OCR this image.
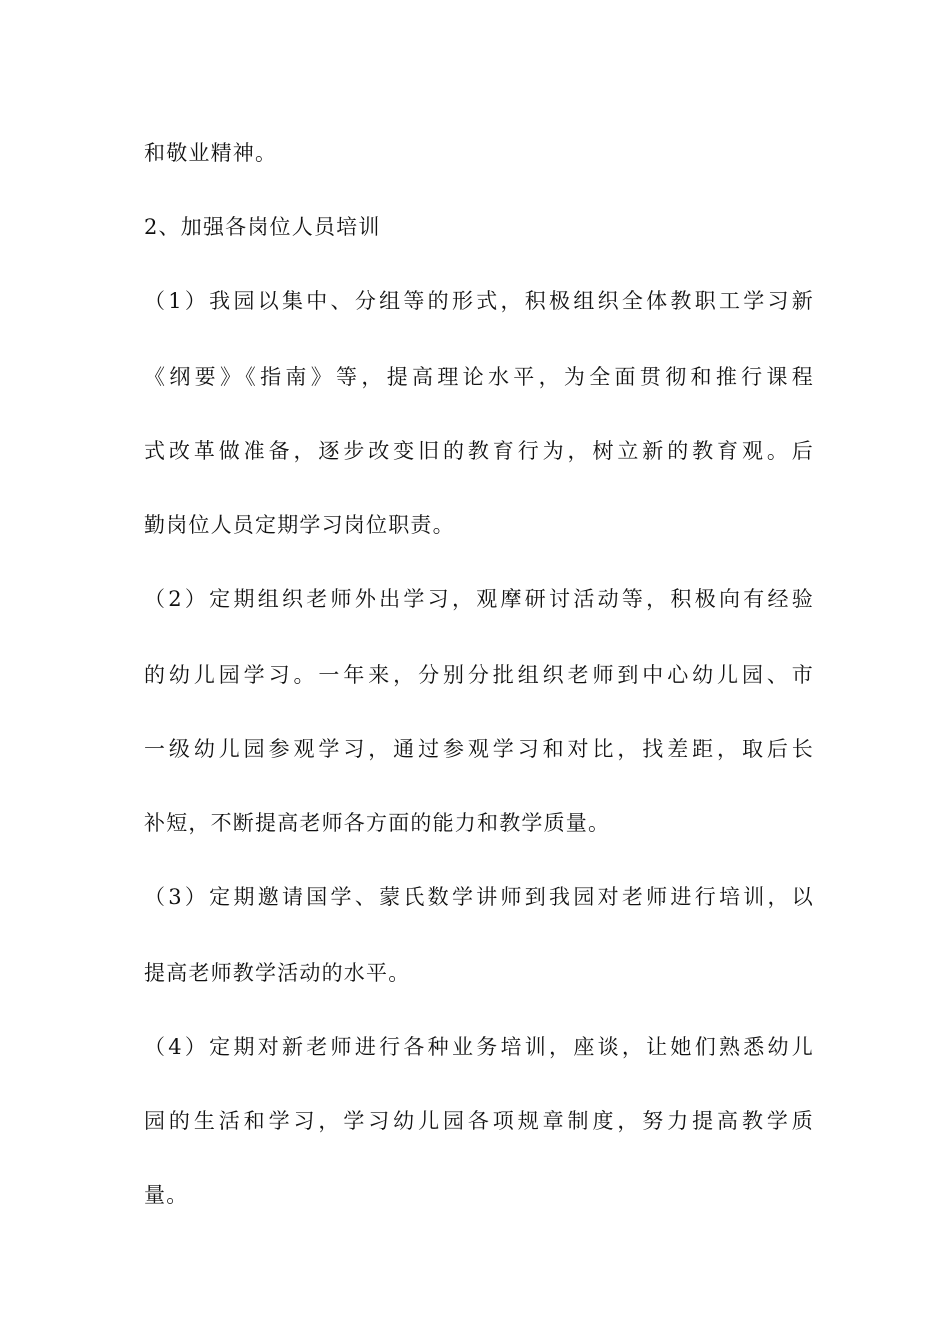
和敬业精神。
2、加强各岗位人员培训
（1）我园以集中、分组等的形式，积极组织全体教职工学习新
《纲要》《指南》等，提高理论水平，为全面贯彻和推行课程
式改革做准备，逐步改变旧的教育行为，树立新的教育观。后
勤岗位人员定期学习岗位职责。
（2）定期组织老师外出学习，观摩研讨活动等，积极向有经验
的幼儿园学习。一年来，分别分批组织老师到中心幼儿园、市
一级幼儿园参观学习，通过参观学习和对比，找差距，取后长
补短，不断提高老师各方面的能力和教学质量。
（3）定期邀请国学、蒙氏数学讲师到我园对老师进行培训，以
提高老师教学活动的水平。
（4）定期对新老师进行各种业务培训，座谈，让她们熟悉幼儿
园的生活和学习，学习幼儿园各项规章制度，努力提高教学质
量。
